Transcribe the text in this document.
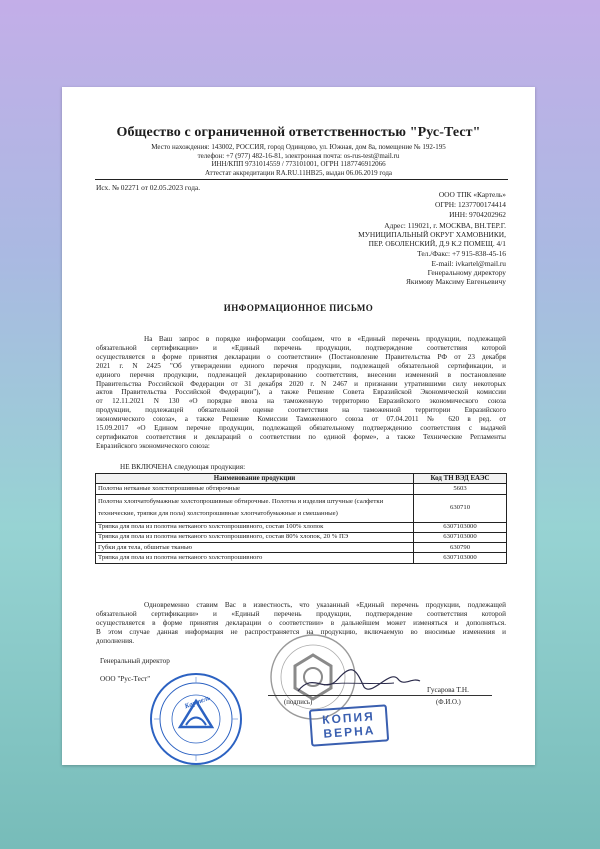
Общество с ограниченной ответственностью "Рус-Тест"
Место нахождения: 143002, РОССИЯ, город Одинцово, ул. Южная, дом 8а, помещение № 192-195
телефон: +7 (977) 482-16-81, электронная почта: os-rus-test@mail.ru
ИНН/КПП 9731014559 / 773101001, ОГРН 1187746912066
Аттестат аккредитации RA.RU.11HB25, выдан 06.06.2019 года
Исх. № 02271 от 02.05.2023 года.
ООО ТПК «Картель»
ОГРН: 1237700174414
ИНН: 9704202962
Адрес: 119021, г. МОСКВА, ВН.ТЕР.Г.
МУНИЦИПАЛЬНЫЙ ОКРУГ ХАМОВНИКИ,
ПЕР. ОБОЛЕНСКИЙ, Д.9 К.2 ПОМЕЩ. 4/1
Тел./Факс: +7 915-838-45-16
E-mail: ivkartel@mail.ru
Генеральному директору
Якимову Максиму Евгеньевичу
ИНФОРМАЦИОННОЕ ПИСЬМО
На Ваш запрос в порядке информации сообщаем, что в «Единый перечень продукции, подлежащей
обязательной сертификации» и «Единый перечень продукции, подтверждение соответствия которой
осуществляется в форме принятия декларации о соответствии» (Постановление Правительства РФ от 23 декабря
2021 г. N 2425 "Об утверждении единого перечня продукции, подлежащей обязательной сертификации, и
единого перечня продукции, подлежащей декларированию соответствия, внесении изменений в постановление
Правительства Российской Федерации от 31 декабря 2020 г. N 2467 и признании утратившими силу некоторых
актов Правительства Российской Федерации"), а также Решение Совета Евразийской Экономической комиссии
от 12.11.2021 N 130 «О порядке ввоза на таможенную территорию Евразийского экономического союза
продукции, подлежащей обязательной оценке соответствия на таможенной территории Евразийского
экономического союза», а также Решение Комиссии Таможенного союза от 07.04.2011 № 620 в ред. от
15.09.2017 «О Едином перечне продукции, подлежащей обязательному подтверждению соответствия с выдачей
сертификатов соответствия и деклараций о соответствии по единой форме», а также Технические Регламенты
Евразийского экономического союза:
НЕ ВКЛЮЧЕНА следующая продукция:
Наименование продукции	Код ТН ВЭД ЕАЭС
Полотна нетканые холстопрошивные обтирочные	5603
Полотна хлопчатобумажные холстопрошивные обтирочные. Полотна и изделия штучные (салфетки технические, тряпки для пола) холстопрошивные хлопчатобумажные и смешанные)	630710
Тряпка для пола из полотна нетканого холстопрошивного, состав 100% хлопок	6307103000
Тряпка для пола из полотна нетканого холстопрошивного, состав 80% хлопок, 20 % ПЭ	6307103000
Губки для тела, обшитые тканью	630790
Тряпка для пола из полотна нетканого холстопрошивного	6307103000
Одновременно ставим Вас в известность, что указанный «Единый перечень продукции, подлежащей
обязательной сертификации» и «Единый перечень продукции, подтверждение соответствия которой
осуществляется в форме принятия декларации о соответствии» в дальнейшем может изменяться и дополняться.
В этом случае данная информация не распространяется на продукцию, включаемую во вносимые изменения и
дополнения.
Генеральный директор
ООО "Рус-Тест"
(подпись)
Гусарова Т.Н.
(Ф.И.О.)
Картель
КОПИЯ
ВЕРНА
